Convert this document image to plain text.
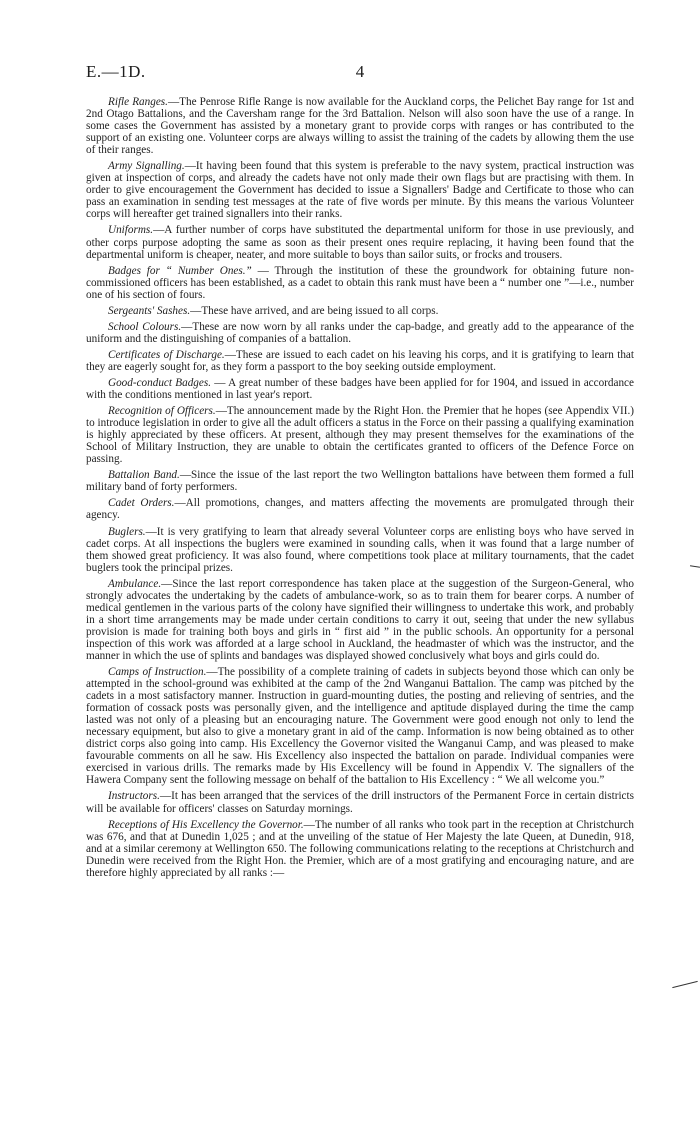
E.—1D.	4

Rifle Ranges.—The Penrose Rifle Range is now available for the Auckland corps, the Pelichet Bay range for 1st and 2nd Otago Battalions, and the Caversham range for the 3rd Battalion. Nelson will also soon have the use of a range. In some cases the Government has assisted by a monetary grant to provide corps with ranges or has contributed to the support of an existing one. Volunteer corps are always willing to assist the training of the cadets by allowing them the use of their ranges.

Army Signalling.—It having been found that this system is preferable to the navy system, practical instruction was given at inspection of corps, and already the cadets have not only made their own flags but are practising with them. In order to give encouragement the Government has decided to issue a Signallers' Badge and Certificate to those who can pass an examination in sending test messages at the rate of five words per minute. By this means the various Volunteer corps will hereafter get trained signallers into their ranks.

Uniforms.—A further number of corps have substituted the departmental uniform for those in use previously, and other corps purpose adopting the same as soon as their present ones require replacing, it having been found that the departmental uniform is cheaper, neater, and more suitable to boys than sailor suits, or frocks and trousers.

Badges for “ Number Ones.” — Through the institution of these the groundwork for obtaining future non-commissioned officers has been established, as a cadet to obtain this rank must have been a “ number one ”—i.e., number one of his section of fours.

Sergeants' Sashes.—These have arrived, and are being issued to all corps.

School Colours.—These are now worn by all ranks under the cap-badge, and greatly add to the appearance of the uniform and the distinguishing of companies of a battalion.

Certificates of Discharge.—These are issued to each cadet on his leaving his corps, and it is gratifying to learn that they are eagerly sought for, as they form a passport to the boy seeking outside employment.

Good-conduct Badges. — A great number of these badges have been applied for for 1904, and issued in accordance with the conditions mentioned in last year's report.

Recognition of Officers.—The announcement made by the Right Hon. the Premier that he hopes (see Appendix VII.) to introduce legislation in order to give all the adult officers a status in the Force on their passing a qualifying examination is highly appreciated by these officers. At present, although they may present themselves for the examinations of the School of Military Instruction, they are unable to obtain the certificates granted to officers of the Defence Force on passing.

Battalion Band.—Since the issue of the last report the two Wellington battalions have between them formed a full military band of forty performers.

Cadet Orders.—All promotions, changes, and matters affecting the movements are promulgated through their agency.

Buglers.—It is very gratifying to learn that already several Volunteer corps are enlisting boys who have served in cadet corps. At all inspections the buglers were examined in sounding calls, when it was found that a large number of them showed great proficiency. It was also found, where competitions took place at military tournaments, that the cadet buglers took the principal prizes.

Ambulance.—Since the last report correspondence has taken place at the suggestion of the Surgeon-General, who strongly advocates the undertaking by the cadets of ambulance-work, so as to train them for bearer corps. A number of medical gentlemen in the various parts of the colony have signified their willingness to undertake this work, and probably in a short time arrangements may be made under certain conditions to carry it out, seeing that under the new syllabus provision is made for training both boys and girls in “ first aid ” in the public schools. An opportunity for a personal inspection of this work was afforded at a large school in Auckland, the headmaster of which was the instructor, and the manner in which the use of splints and bandages was displayed showed conclusively what boys and girls could do.

Camps of Instruction.—The possibility of a complete training of cadets in subjects beyond those which can only be attempted in the school-ground was exhibited at the camp of the 2nd Wanganui Battalion. The camp was pitched by the cadets in a most satisfactory manner. Instruction in guard-mounting duties, the posting and relieving of sentries, and the formation of cossack posts was personally given, and the intelligence and aptitude displayed during the time the camp lasted was not only of a pleasing but an encouraging nature. The Government were good enough not only to lend the necessary equipment, but also to give a monetary grant in aid of the camp. Information is now being obtained as to other district corps also going into camp. His Excellency the Governor visited the Wanganui Camp, and was pleased to make favourable comments on all he saw. His Excellency also inspected the battalion on parade. Individual companies were exercised in various drills. The remarks made by His Excellency will be found in Appendix V. The signallers of the Hawera Company sent the following message on behalf of the battalion to His Excellency : “ We all welcome you.”

Instructors.—It has been arranged that the services of the drill instructors of the Permanent Force in certain districts will be available for officers' classes on Saturday mornings.

Receptions of His Excellency the Governor.—The number of all ranks who took part in the reception at Christchurch was 676, and that at Dunedin 1,025 ; and at the unveiling of the statue of Her Majesty the late Queen, at Dunedin, 918, and at a similar ceremony at Wellington 650. The following communications relating to the receptions at Christchurch and Dunedin were received from the Right Hon. the Premier, which are of a most gratifying and encouraging nature, and are therefore highly appreciated by all ranks :—
